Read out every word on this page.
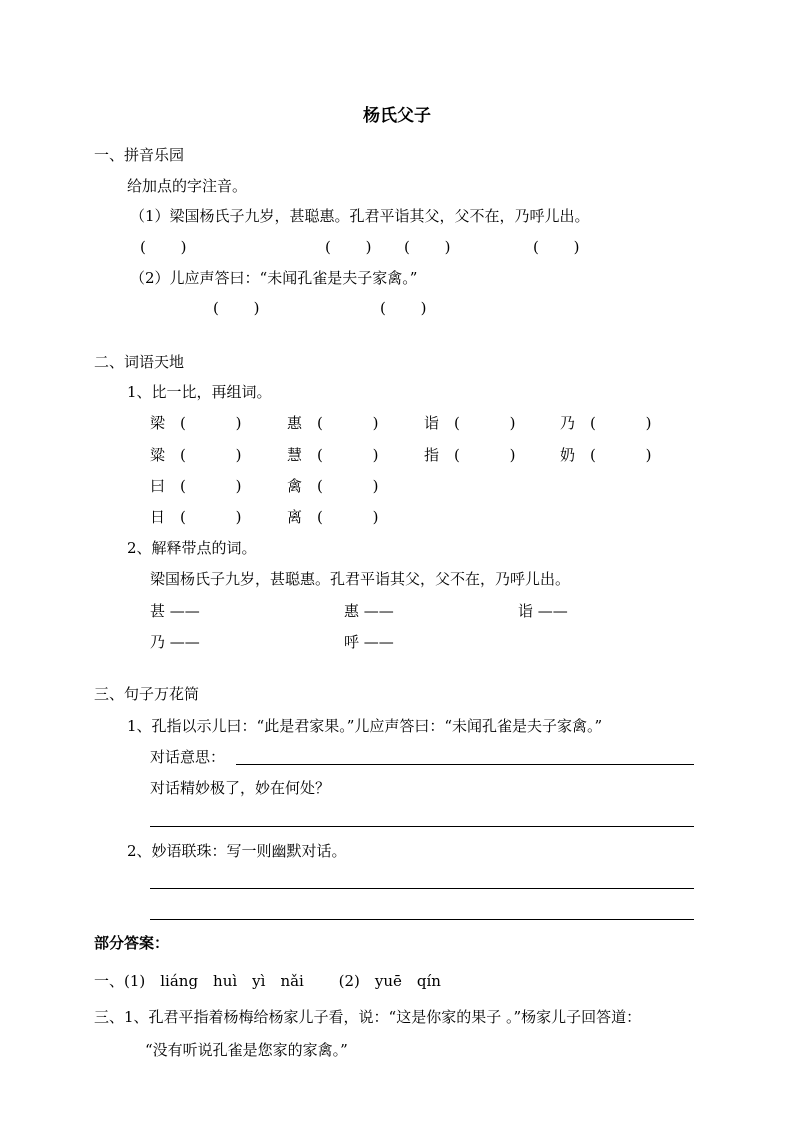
杨氏父子
一、拼音乐园
给加点的字注音。
（1）梁国杨氏子九岁，甚聪惠。孔君平诣其父，父不在，乃呼儿出。
(　　 )	(　　 ) (　　 )	(　　 )
（2）儿应声答曰：“未闻孔雀是夫子家禽。”
(　　 )	(　　 )
二、词语天地
1、比一比，再组词。
梁 (　　　 )	惠 (　　　 )	诣 (　　　 )	乃 (　　　 )
粱 (　　　 )	慧 (　　　 )	指 (　　　 )	奶 (　　　 )
曰 (　　　 )	禽 (　　　 )
日 (　　　 )	离 (　　　 )
2、解释带点的词。
梁国杨氏子九岁，甚聪惠。孔君平诣其父，父不在，乃呼儿出。
甚 ——	惠 ——	诣 ——
乃 ——	呼 ——
三、句子万花筒
1、孔指以示儿曰：“此是君家果。”儿应声答曰：“未闻孔雀是夫子家禽。”
对话意思：
对话精妙极了，妙在何处？
2、妙语联珠：写一则幽默对话。
部分答案：
一、(1)　liáng　huì　yì　nǎi　　 (2)　yuē　qín
三、1、孔君平指着杨梅给杨家儿子看，说：“这是你家的果子 。”杨家儿子回答道：
“没有听说孔雀是您家的家禽。”
